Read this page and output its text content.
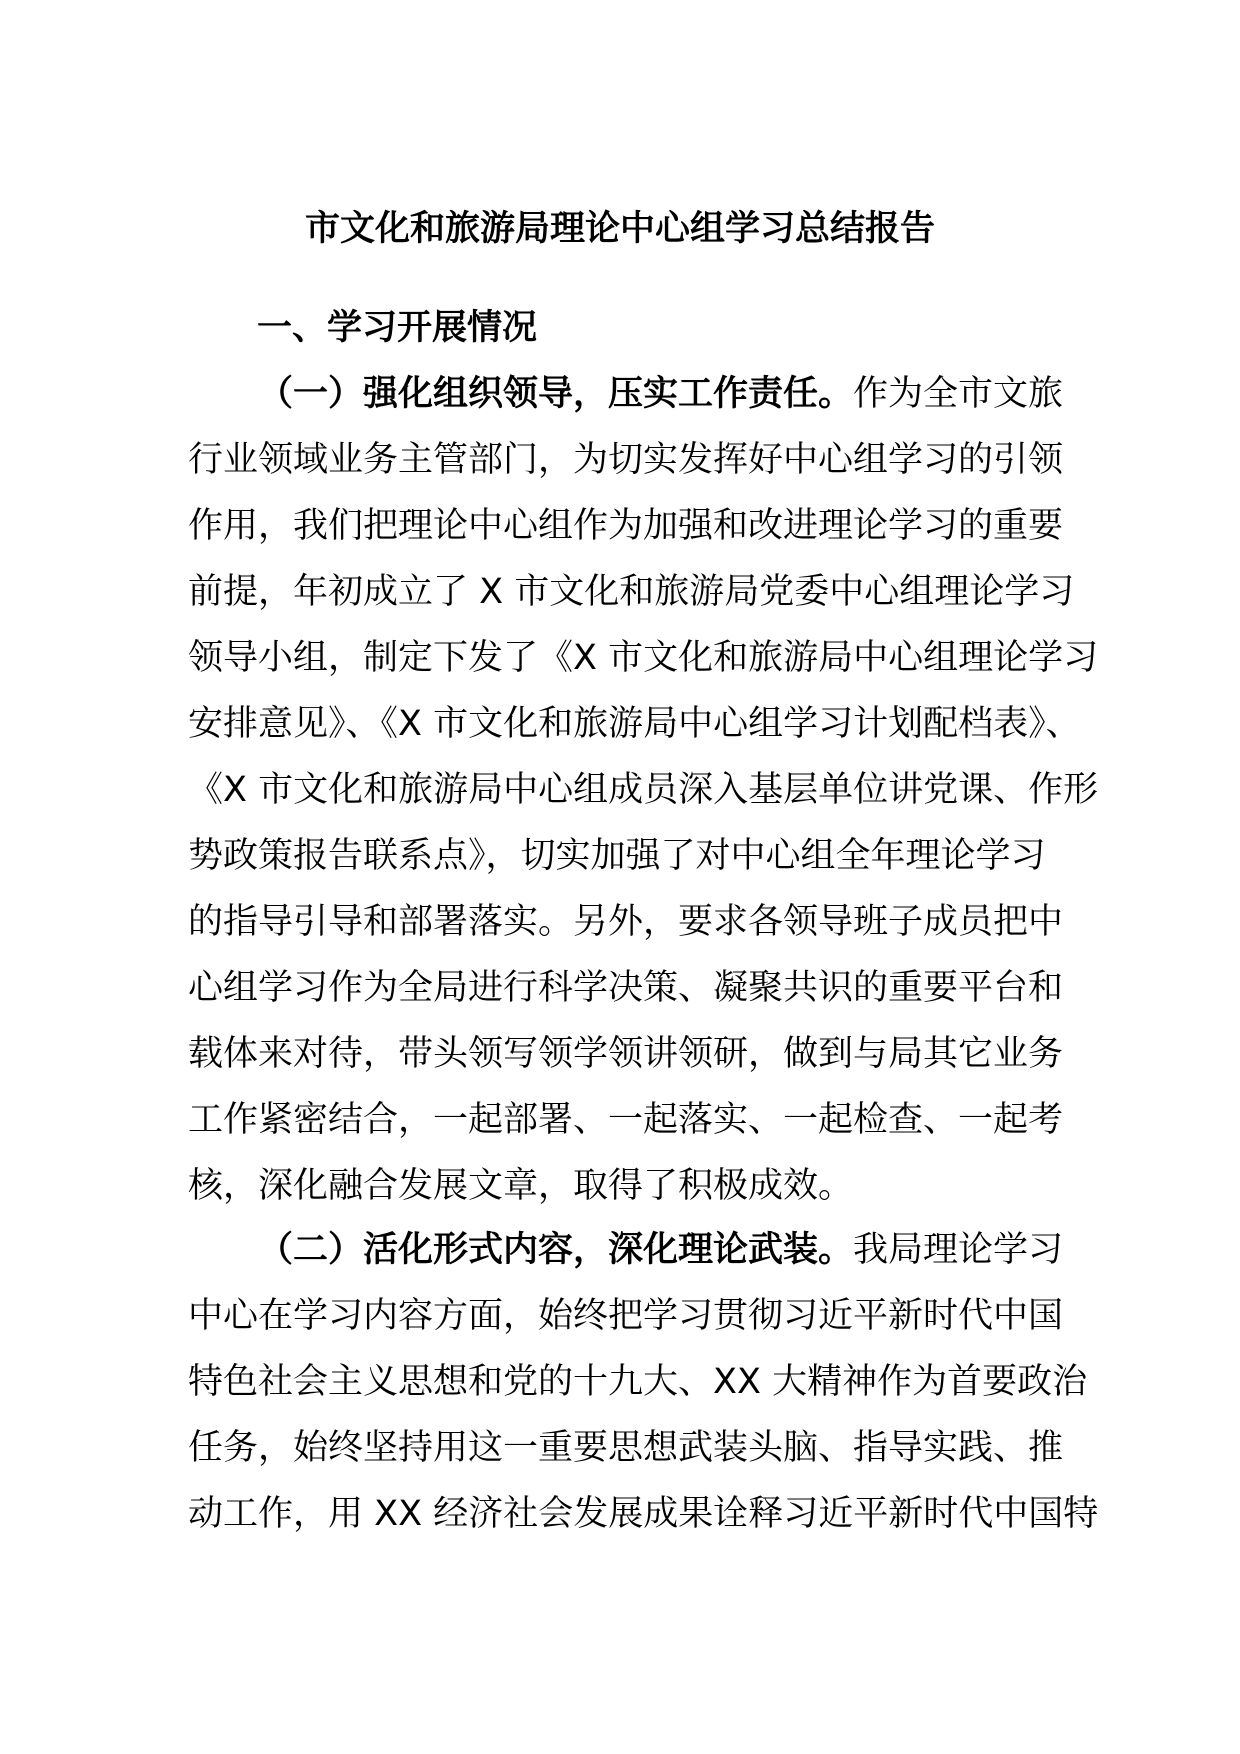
市文化和旅游局理论中心组学习总结报告
一、学习开展情况
（一）强化组织领导，压实工作责任。作为全市文旅
行业领域业务主管部门，为切实发挥好中心组学习的引领
作用，我们把理论中心组作为加强和改进理论学习的重要
前提，年初成立了 X 市文化和旅游局党委中心组理论学习
领导小组，制定下发了《X 市文化和旅游局中心组理论学习
安排意见》、《X 市文化和旅游局中心组学习计划配档表》、
《X 市文化和旅游局中心组成员深入基层单位讲党课、作形
势政策报告联系点》，切实加强了对中心组全年理论学习
的指导引导和部署落实。另外，要求各领导班子成员把中
心组学习作为全局进行科学决策、凝聚共识的重要平台和
载体来对待，带头领写领学领讲领研，做到与局其它业务
工作紧密结合，一起部署、一起落实、一起检查、一起考
核，深化融合发展文章，取得了积极成效。
（二）活化形式内容，深化理论武装。我局理论学习
中心在学习内容方面，始终把学习贯彻习近平新时代中国
特色社会主义思想和党的十九大、XX 大精神作为首要政治
任务，始终坚持用这一重要思想武装头脑、指导实践、推
动工作，用 XX 经济社会发展成果诠释习近平新时代中国特
